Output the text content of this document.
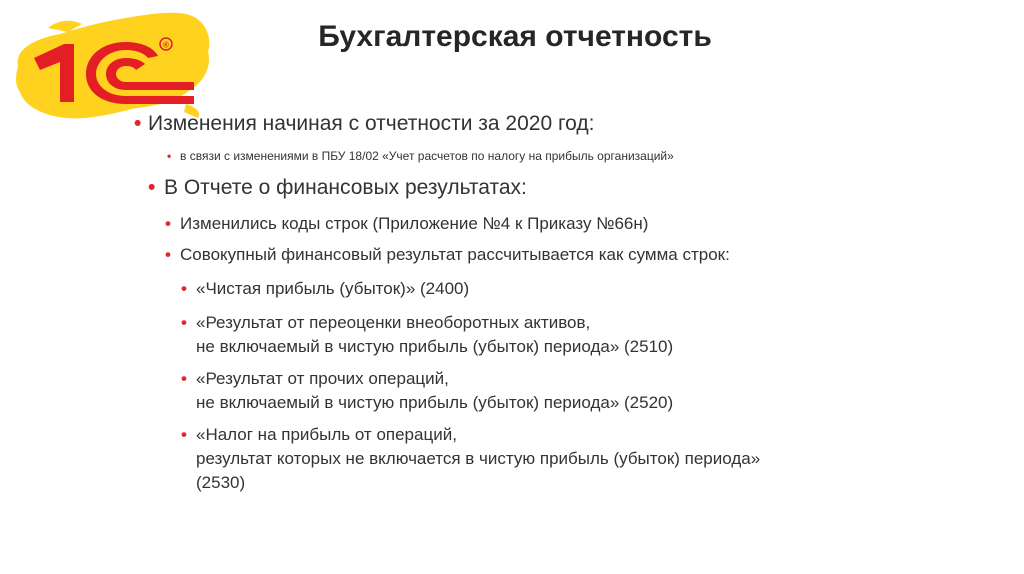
®	Бухгалтерская отчетность
• Изменения начиная с отчетности за 2020 год:
• в связи с изменениями в ПБУ 18/02 «Учет расчетов по налогу на прибыль организаций»
• В Отчете о финансовых результатах:
• Изменились коды строк (Приложение №4 к Приказу №66н)
• Совокупный финансовый результат рассчитывается как сумма строк:
• «Чистая прибыль (убыток)» (2400)
• «Результат от переоценки внеоборотных активов,
не включаемый в чистую прибыль (убыток) периода» (2510)
• «Результат от прочих операций,
не включаемый в чистую прибыль (убыток) периода» (2520)
• «Налог на прибыль от операций,
результат которых не включается в чистую прибыль (убыток) периода»
(2530)
